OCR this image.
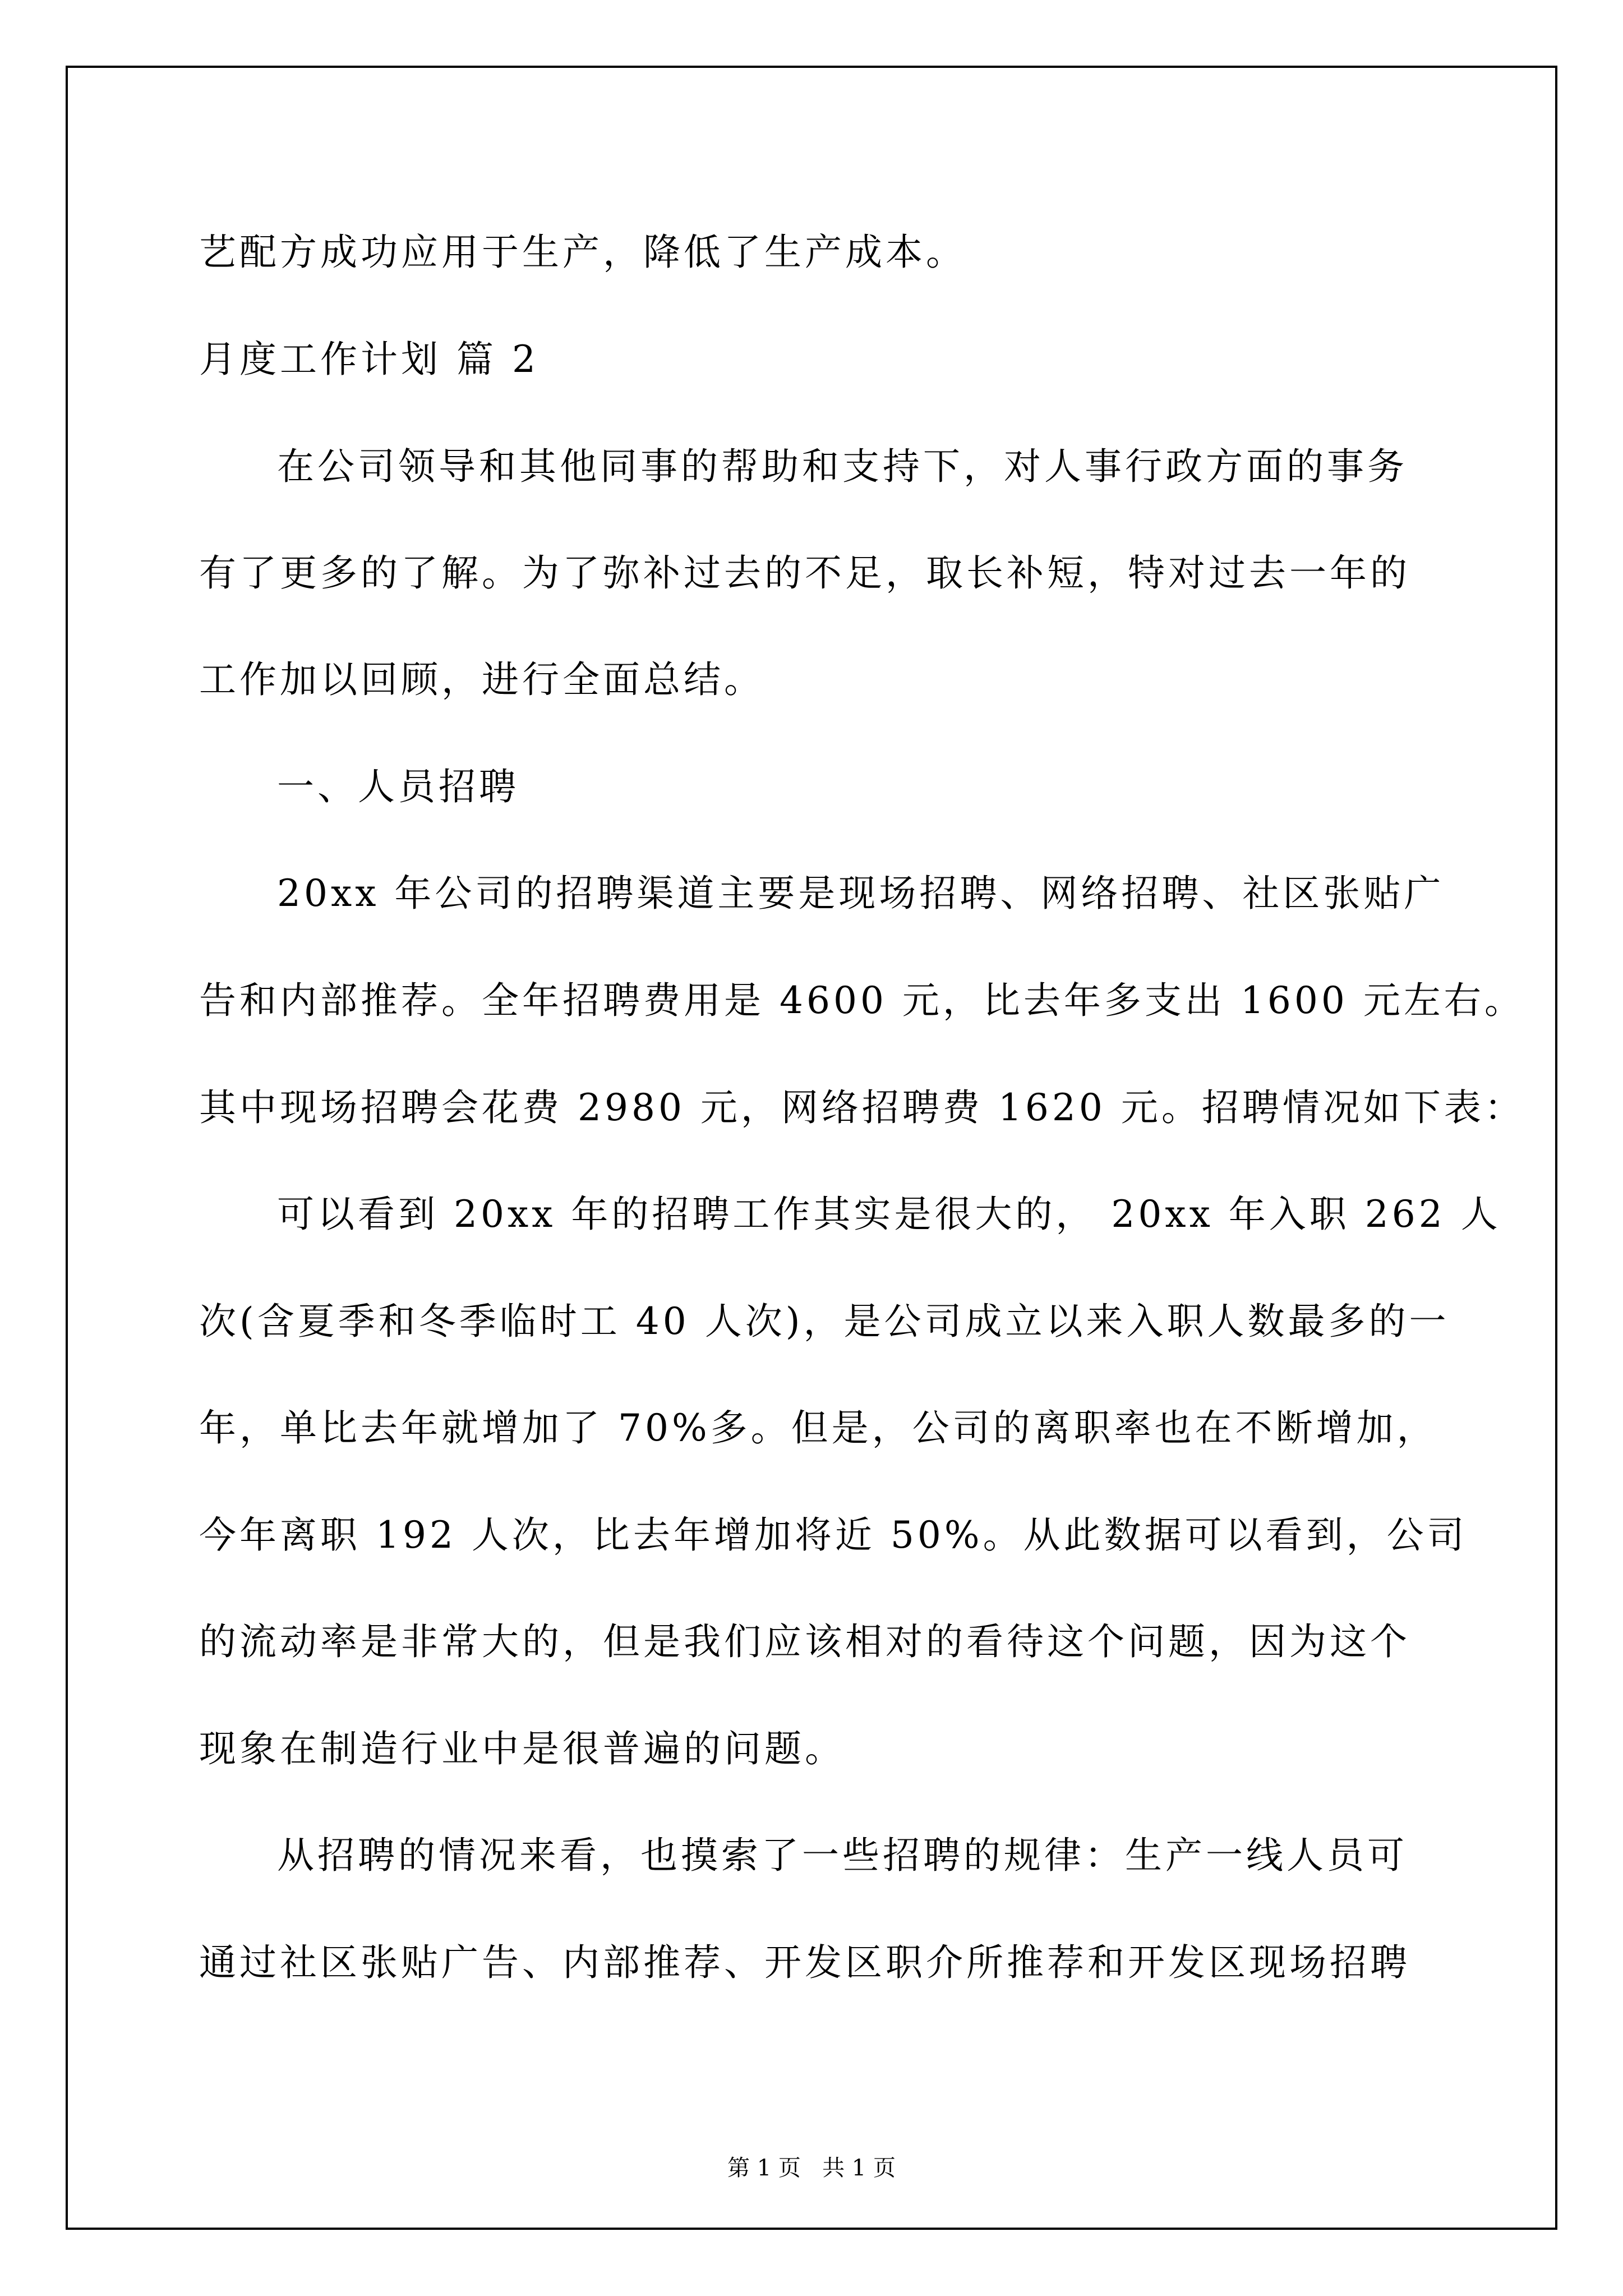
艺配方成功应用于生产，降低了生产成本。
月度工作计划 篇 2
在公司领导和其他同事的帮助和支持下，对人事行政方面的事务
有了更多的了解。为了弥补过去的不足，取长补短，特对过去一年的
工作加以回顾，进行全面总结。
一、人员招聘
20xx 年公司的招聘渠道主要是现场招聘、网络招聘、社区张贴广
告和内部推荐。全年招聘费用是 4600 元，比去年多支出 1600 元左右。
其中现场招聘会花费 2980 元，网络招聘费 1620 元。招聘情况如下表：
可以看到 20xx 年的招聘工作其实是很大的， 20xx 年入职 262 人
次(含夏季和冬季临时工 40 人次)，是公司成立以来入职人数最多的一
年，单比去年就增加了 70%多。但是，公司的离职率也在不断增加，
今年离职 192 人次，比去年增加将近 50%。从此数据可以看到，公司
的流动率是非常大的，但是我们应该相对的看待这个问题，因为这个
现象在制造行业中是很普遍的问题。
从招聘的情况来看，也摸索了一些招聘的规律：生产一线人员可
通过社区张贴广告、内部推荐、开发区职介所推荐和开发区现场招聘
第 1 页   共 1 页
